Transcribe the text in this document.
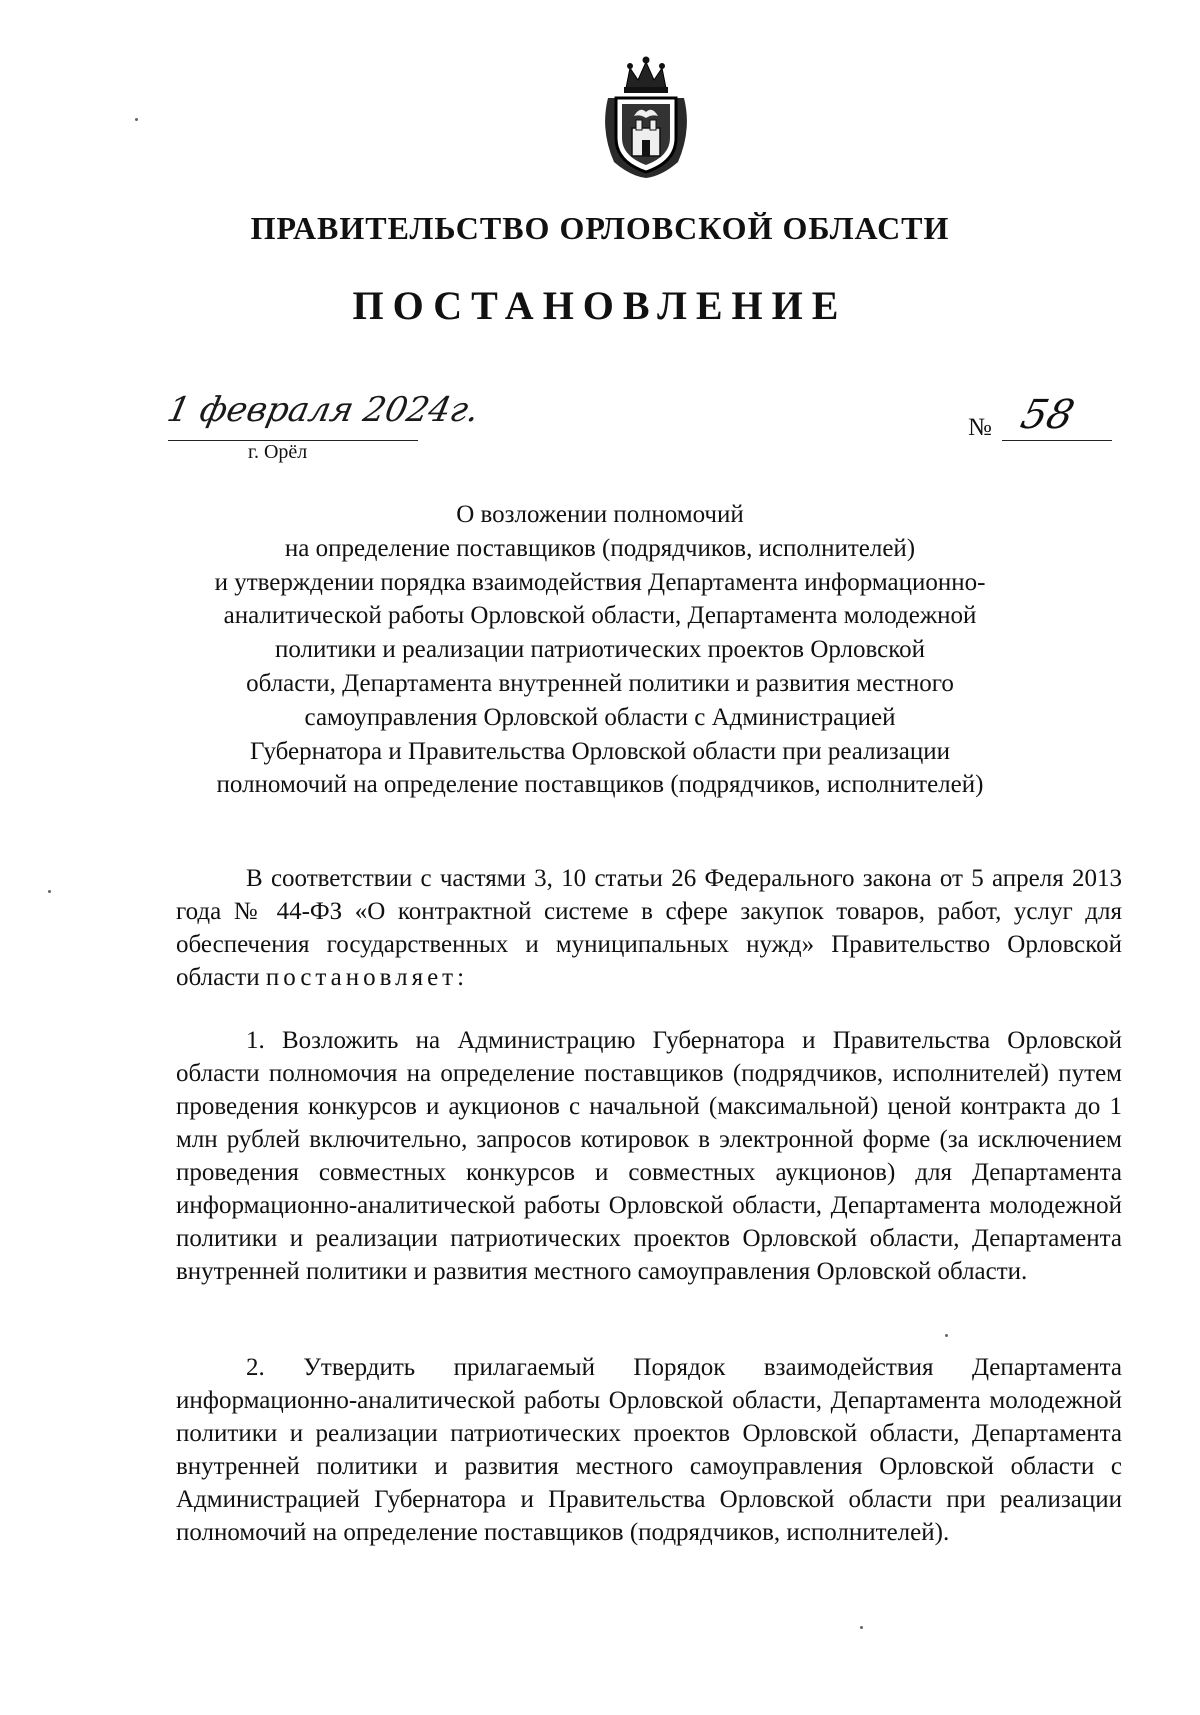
ПРАВИТЕЛЬСТВО ОРЛОВСКОЙ ОБЛАСТИ
ПОСТАНОВЛЕНИЕ
1 февраля 2024г.
г. Орёл
№ 58
О возложении полномочий
на определение поставщиков (подрядчиков, исполнителей)
и утверждении порядка взаимодействия Департамента информационно-
аналитической работы Орловской области, Департамента молодежной
политики и реализации патриотических проектов Орловской
области, Департамента внутренней политики и развития местного
самоуправления Орловской области с Администрацией
Губернатора и Правительства Орловской области при реализации
полномочий на определение поставщиков (подрядчиков, исполнителей)

В соответствии с частями 3, 10 статьи 26 Федерального закона от 5 апреля 2013 года № 44-ФЗ «О контрактной системе в сфере закупок товаров, работ, услуг для обеспечения государственных и муниципальных нужд» Правительство Орловской области постановляет:

1. Возложить на Администрацию Губернатора и Правительства Орловской области полномочия на определение поставщиков (подрядчиков, исполнителей) путем проведения конкурсов и аукционов с начальной (максимальной) ценой контракта до 1 млн рублей включительно, запросов котировок в электронной форме (за исключением проведения совместных конкурсов и совместных аукционов) для Департамента информационно-аналитической работы Орловской области, Департамента молодежной политики и реализации патриотических проектов Орловской области, Департамента внутренней политики и развития местного самоуправления Орловской области.

2. Утвердить прилагаемый Порядок взаимодействия Департамента информационно-аналитической работы Орловской области, Департамента молодежной политики и реализации патриотических проектов Орловской области, Департамента внутренней политики и развития местного самоуправления Орловской области с Администрацией Губернатора и Правительства Орловской области при реализации полномочий на определение поставщиков (подрядчиков, исполнителей).
